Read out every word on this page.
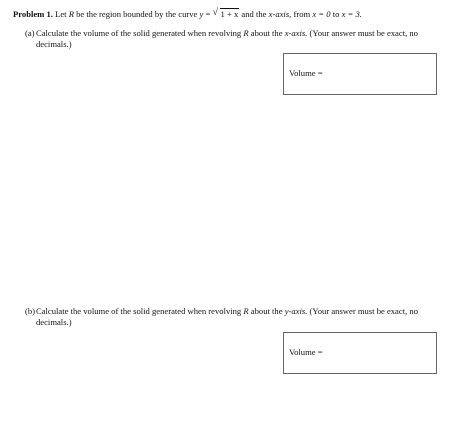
Problem 1. Let R be the region bounded by the curve y = √ 1 + x and the x-axis, from x = 0 to x = 3.
(a) Calculate the volume of the solid generated when revolving R about the x-axis. (Your answer must be exact, no
decimals.)
Volume =
(b) Calculate the volume of the solid generated when revolving R about the y-axis. (Your answer must be exact, no
decimals.)
Volume =
